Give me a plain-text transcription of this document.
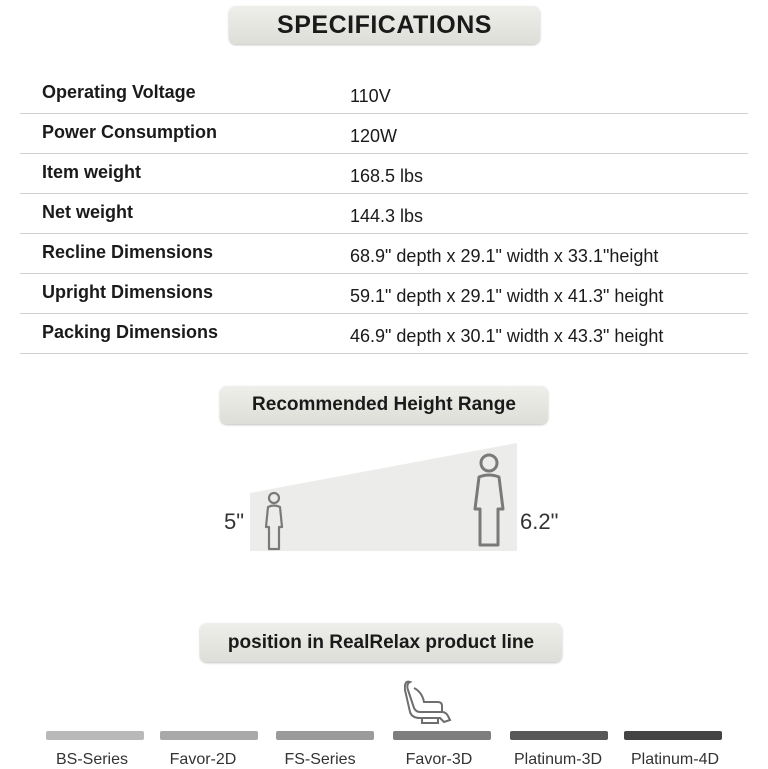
SPECIFICATIONS
Operating Voltage	110V
Power Consumption	120W
Item weight	168.5 lbs
Net weight	144.3 lbs
Recline Dimensions	68.9" depth x 29.1" width x 33.1"height
Upright Dimensions	59.1" depth x 29.1" width x 41.3" height
Packing Dimensions	46.9" depth x 30.1" width x 43.3" height
Recommended Height Range
5"	6.2"
position in RealRelax product line
BS-Series	Favor-2D	FS-Series	Favor-3D	Platinum-3D	Platinum-4D
